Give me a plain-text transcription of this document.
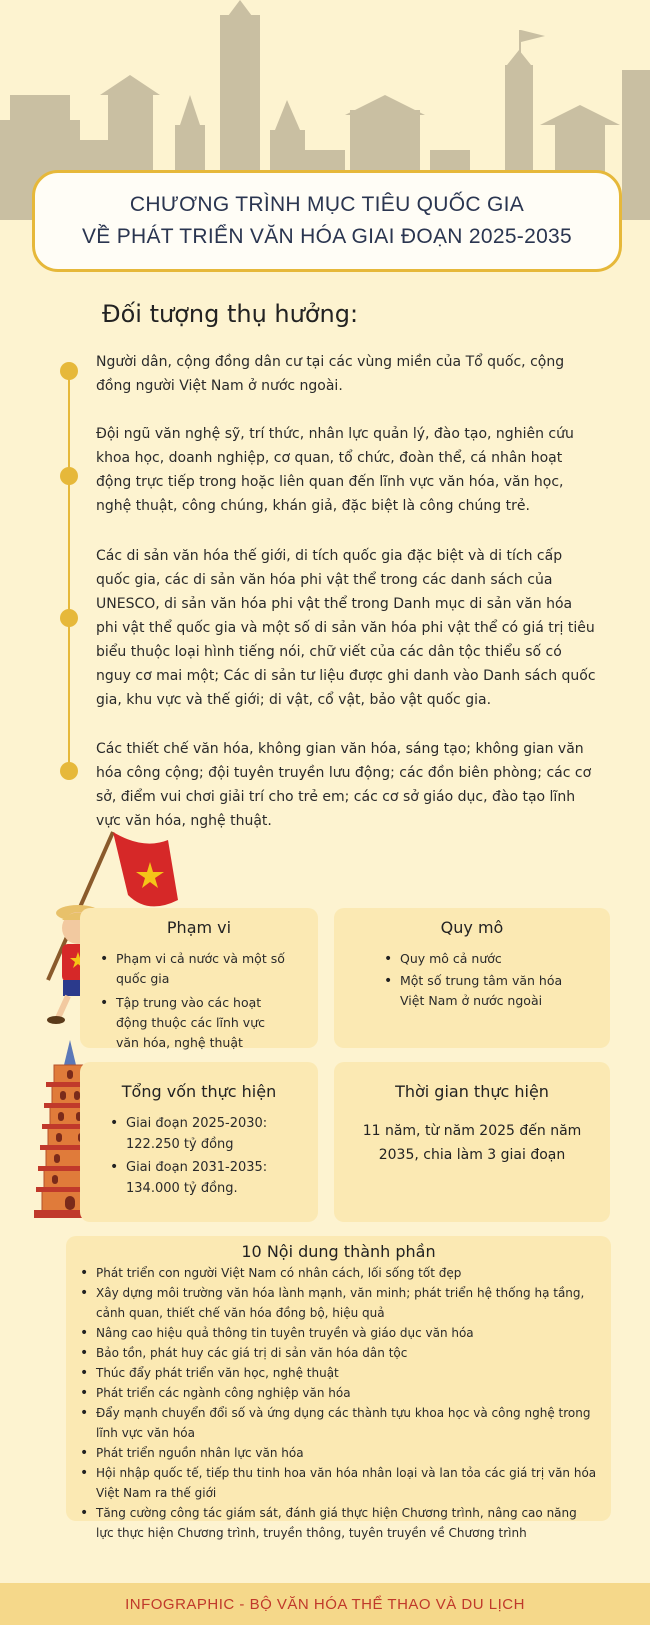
CHƯƠNG TRÌNH MỤC TIÊU QUỐC GIA
VỀ PHÁT TRIỂN VĂN HÓA GIAI ĐOẠN 2025-2035
Đối tượng thụ hưởng:
Người dân, cộng đồng dân cư tại các vùng miền của Tổ quốc, cộng đồng người Việt Nam ở nước ngoài.
Đội ngũ văn nghệ sỹ, trí thức, nhân lực quản lý, đào tạo, nghiên cứu khoa học, doanh nghiệp, cơ quan, tổ chức, đoàn thể, cá nhân hoạt động trực tiếp trong hoặc liên quan đến lĩnh vực văn hóa, văn học, nghệ thuật, công chúng, khán giả, đặc biệt là công chúng trẻ.
Các di sản văn hóa thế giới, di tích quốc gia đặc biệt và di tích cấp quốc gia, các di sản văn hóa phi vật thể trong các danh sách của UNESCO, di sản văn hóa phi vật thể trong Danh mục di sản văn hóa phi vật thể quốc gia và một số di sản văn hóa phi vật thể có giá trị tiêu biểu thuộc loại hình tiếng nói, chữ viết của các dân tộc thiểu số có nguy cơ mai một; Các di sản tư liệu được ghi danh vào Danh sách quốc gia, khu vực và thế giới; di vật, cổ vật, bảo vật quốc gia.
Các thiết chế văn hóa, không gian văn hóa, sáng tạo; không gian văn hóa công cộng; đội tuyên truyền lưu động; các đồn biên phòng; các cơ sở, điểm vui chơi giải trí cho trẻ em; các cơ sở giáo dục, đào tạo lĩnh vực văn hóa, nghệ thuật.
Phạm vi
• Phạm vi cả nước và một số quốc gia
• Tập trung vào các hoạt động thuộc các lĩnh vực văn hóa, nghệ thuật
Quy mô
• Quy mô cả nước
• Một số trung tâm văn hóa Việt Nam ở nước ngoài
Tổng vốn thực hiện
• Giai đoạn 2025-2030: 122.250 tỷ đồng
• Giai đoạn 2031-2035: 134.000 tỷ đồng.
Thời gian thực hiện
11 năm, từ năm 2025 đến năm
2035, chia làm 3 giai đoạn
10 Nội dung thành phần
• Phát triển con người Việt Nam có nhân cách, lối sống tốt đẹp
• Xây dựng môi trường văn hóa lành mạnh, văn minh; phát triển hệ thống hạ tầng, cảnh quan, thiết chế văn hóa đồng bộ, hiệu quả
• Nâng cao hiệu quả thông tin tuyên truyền và giáo dục văn hóa
• Bảo tồn, phát huy các giá trị di sản văn hóa dân tộc
• Thúc đẩy phát triển văn học, nghệ thuật
• Phát triển các ngành công nghiệp văn hóa
• Đẩy mạnh chuyển đổi số và ứng dụng các thành tựu khoa học và công nghệ trong lĩnh vực văn hóa
• Phát triển nguồn nhân lực văn hóa
• Hội nhập quốc tế, tiếp thu tinh hoa văn hóa nhân loại và lan tỏa các giá trị văn hóa Việt Nam ra thế giới
• Tăng cường công tác giám sát, đánh giá thực hiện Chương trình, nâng cao năng lực thực hiện Chương trình, truyền thông, tuyên truyền về Chương trình
INFOGRAPHIC - BỘ VĂN HÓA THỂ THAO VÀ DU LỊCH
